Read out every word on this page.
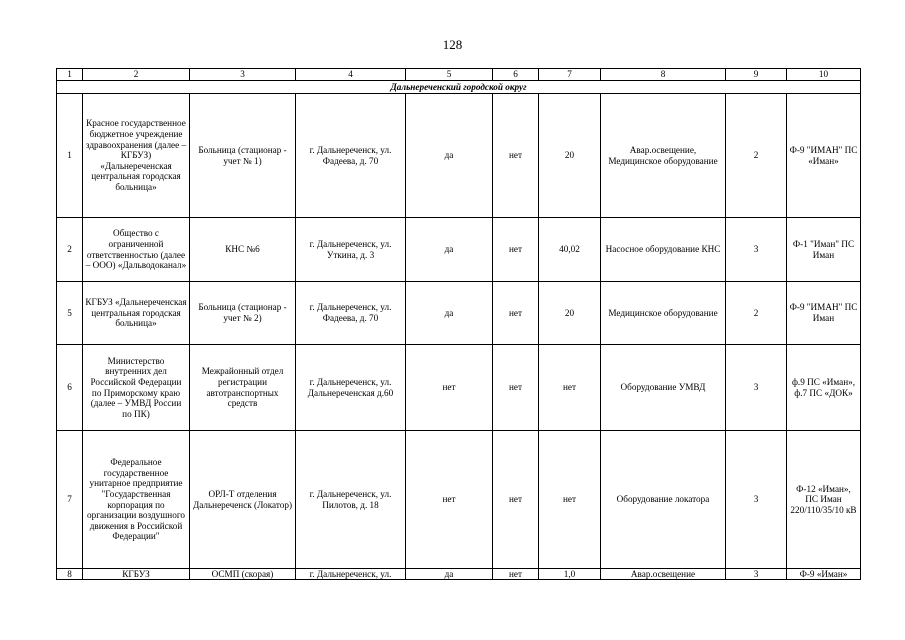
128
1	2	3	4	5	6	7	8	9	10
Дальнереченский городской округ									
1	Красное государственное бюджетное учреждение здравоохранения (далее – КГБУЗ) «Дальнереченская центральная городская больница»	Больница (стационар - учет № 1)	г. Дальнереченск, ул. Фадеева, д. 70	да	нет	20	Авар.освещение, Медицинское оборудование	2	Ф-9 "ИМАН" ПС «Иман»
2	Общество с ограниченной ответственностью (далее – ООО) «Дальводоканал»	КНС №6	г. Дальнереченск, ул. Уткина, д. 3	да	нет	40,02	Насосное оборудование КНС	3	Ф-1 "Иман" ПС Иман
5	КГБУЗ «Дальнереченская центральная городская больница»	Больница (стационар - учет № 2)	г. Дальнереченск, ул. Фадеева, д. 70	да	нет	20	Медицинское оборудование	2	Ф-9 "ИМАН" ПС Иман
6	Министерство внутренних дел Российской Федерации по Приморскому краю (далее – УМВД России по ПК)	Межрайонный отдел регистрации автотранспортных средств	г. Дальнереченск, ул. Дальнереченская д.60	нет	нет	нет	Оборудование УМВД	3	ф.9 ПС «Иман», ф.7 ПС «ДОК»
7	Федеральное государственное унитарное предприятие "Государственная корпорация по организации воздушного движения в Российской Федерации"	ОРЛ-Т отделения Дальнереченск (Локатор)	г. Дальнереченск, ул. Пилотов, д. 18	нет	нет	нет	Оборудование локатора	3	Ф-12 «Иман», ПС Иман 220/110/35/10 кВ
8	КГБУЗ	ОСМП (скорая)	г. Дальнереченск, ул.	да	нет	1,0	Авар.освещение	3	Ф-9 «Иман»
